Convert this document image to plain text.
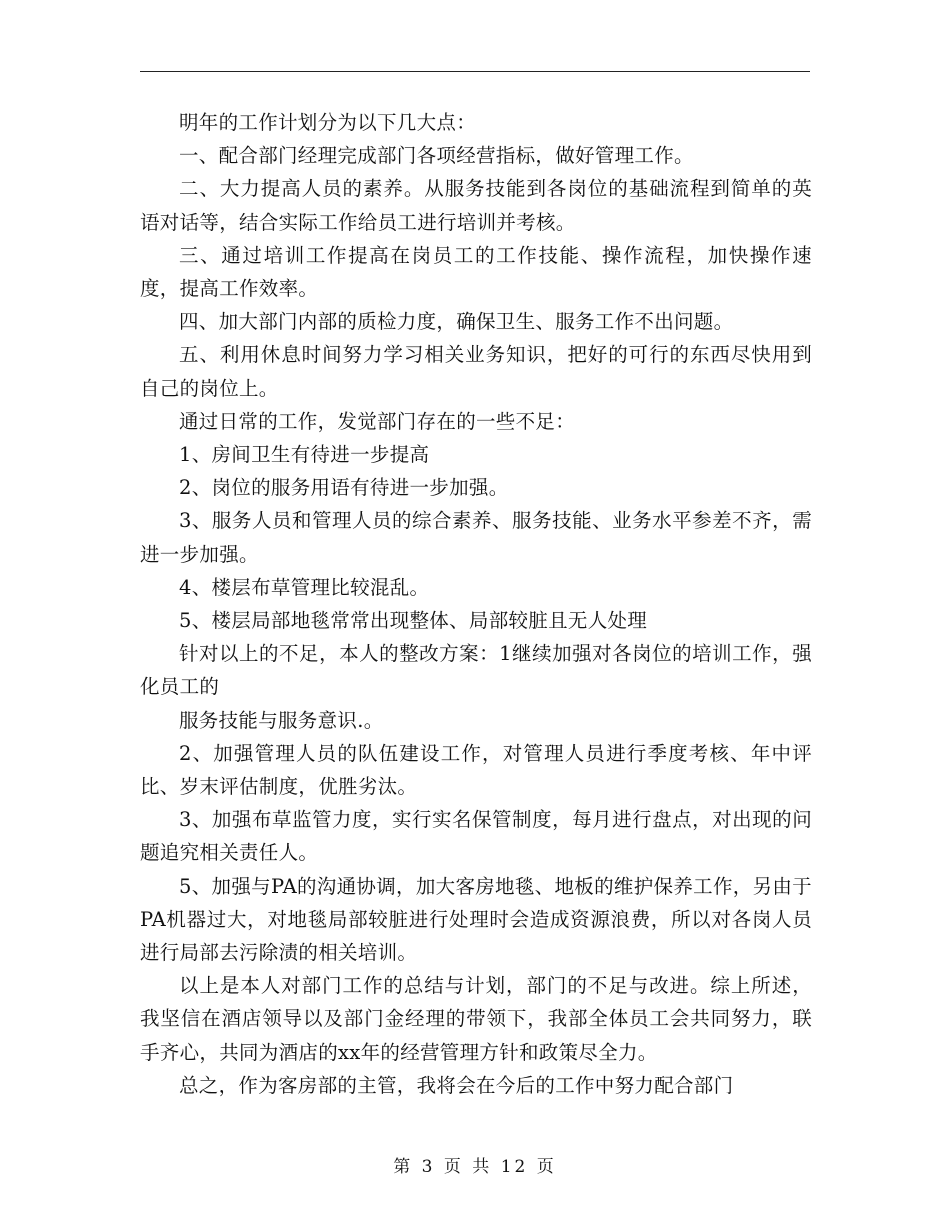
明年的工作计划分为以下几大点：

一、配合部门经理完成部门各项经营指标，做好管理工作。

二、大力提高人员的素养。从服务技能到各岗位的基础流程到简单的英语对话等，结合实际工作给员工进行培训并考核。

三、通过培训工作提高在岗员工的工作技能、操作流程，加快操作速度，提高工作效率。

四、加大部门内部的质检力度，确保卫生、服务工作不出问题。

五、利用休息时间努力学习相关业务知识，把好的可行的东西尽快用到自己的岗位上。

通过日常的工作，发觉部门存在的一些不足：

1、房间卫生有待进一步提高

2、岗位的服务用语有待进一步加强。

3、服务人员和管理人员的综合素养、服务技能、业务水平参差不齐，需进一步加强。

4、楼层布草管理比较混乱。

5、楼层局部地毯常常出现整体、局部较脏且无人处理

针对以上的不足，本人的整改方案：1继续加强对各岗位的培训工作，强化员工的

服务技能与服务意识.。

2、加强管理人员的队伍建设工作，对管理人员进行季度考核、年中评比、岁末评估制度，优胜劣汰。

3、加强布草监管力度，实行实名保管制度，每月进行盘点，对出现的问题追究相关责任人。

5、加强与PA的沟通协调，加大客房地毯、地板的维护保养工作，另由于PA机器过大，对地毯局部较脏进行处理时会造成资源浪费，所以对各岗人员进行局部去污除渍的相关培训。

以上是本人对部门工作的总结与计划，部门的不足与改进。综上所述，我坚信在酒店领导以及部门金经理的带领下，我部全体员工会共同努力，联手齐心，共同为酒店的xx年的经营管理方针和政策尽全力。

总之，作为客房部的主管，我将会在今后的工作中努力配合部门

第 3 页 共 12 页
